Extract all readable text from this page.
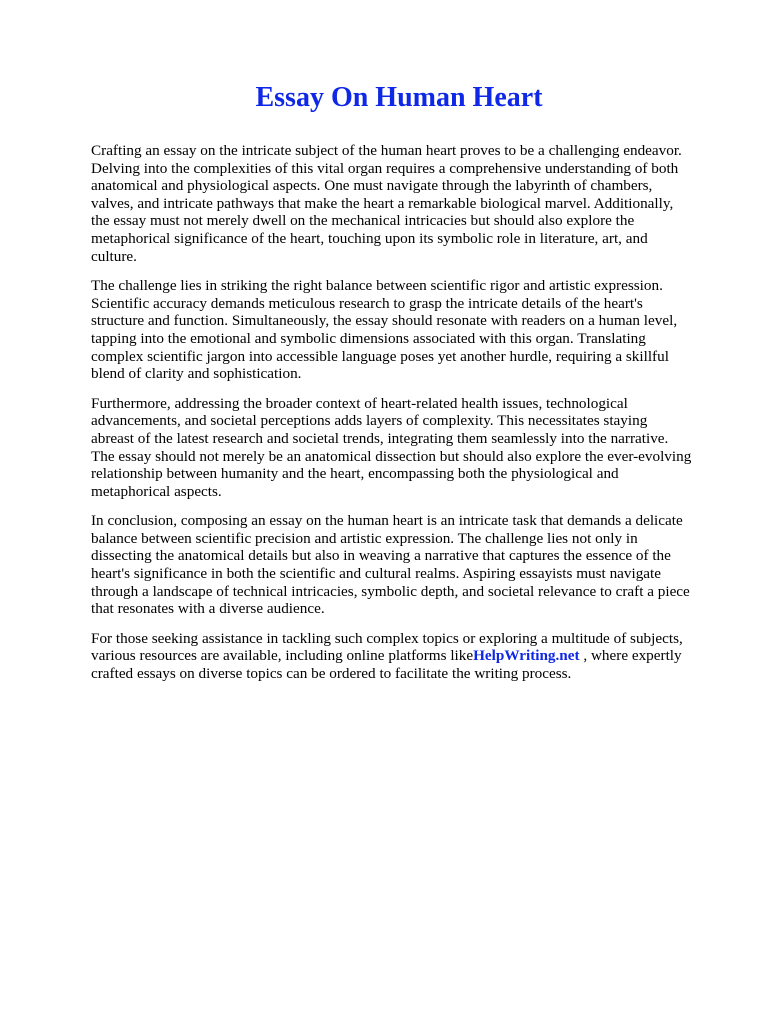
Essay On Human Heart

Crafting an essay on the intricate subject of the human heart proves to be a challenging endeavor. Delving into the complexities of this vital organ requires a comprehensive understanding of both anatomical and physiological aspects. One must navigate through the labyrinth of chambers, valves, and intricate pathways that make the heart a remarkable biological marvel. Additionally, the essay must not merely dwell on the mechanical intricacies but should also explore the metaphorical significance of the heart, touching upon its symbolic role in literature, art, and culture.

The challenge lies in striking the right balance between scientific rigor and artistic expression. Scientific accuracy demands meticulous research to grasp the intricate details of the heart's structure and function. Simultaneously, the essay should resonate with readers on a human level, tapping into the emotional and symbolic dimensions associated with this organ. Translating complex scientific jargon into accessible language poses yet another hurdle, requiring a skillful blend of clarity and sophistication.

Furthermore, addressing the broader context of heart-related health issues, technological advancements, and societal perceptions adds layers of complexity. This necessitates staying abreast of the latest research and societal trends, integrating them seamlessly into the narrative. The essay should not merely be an anatomical dissection but should also explore the ever-evolving relationship between humanity and the heart, encompassing both the physiological and metaphorical aspects.

In conclusion, composing an essay on the human heart is an intricate task that demands a delicate balance between scientific precision and artistic expression. The challenge lies not only in dissecting the anatomical details but also in weaving a narrative that captures the essence of the heart's significance in both the scientific and cultural realms. Aspiring essayists must navigate through a landscape of technical intricacies, symbolic depth, and societal relevance to craft a piece that resonates with a diverse audience.

For those seeking assistance in tackling such complex topics or exploring a multitude of subjects, various resources are available, including online platforms likeHelpWriting.net , where expertly crafted essays on diverse topics can be ordered to facilitate the writing process.
